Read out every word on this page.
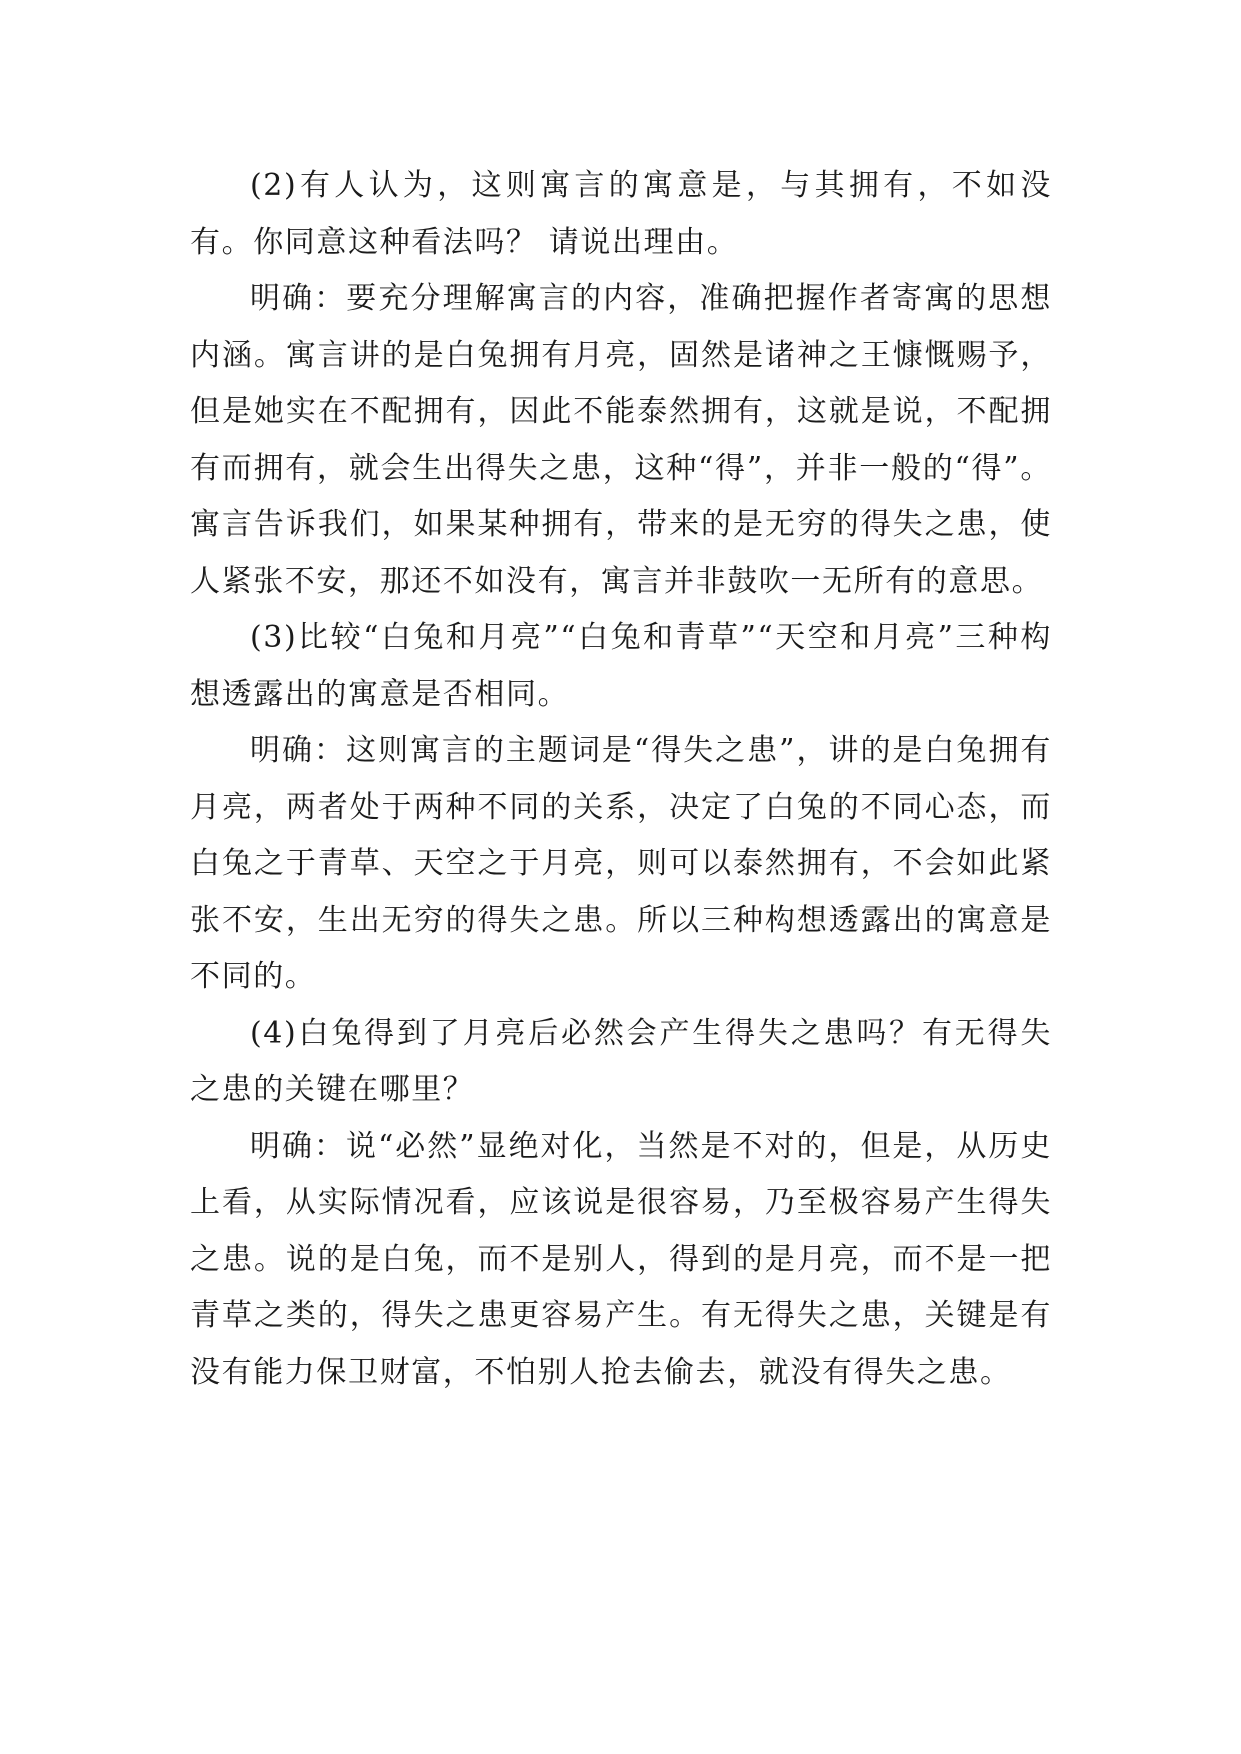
(2)有人认为，这则寓言的寓意是，与其拥有，不如没有。你同意这种看法吗？ 请说出理由。

明确：要充分理解寓言的内容，准确把握作者寄寓的思想内涵。寓言讲的是白兔拥有月亮，固然是诸神之王慷慨赐予，但是她实在不配拥有，因此不能泰然拥有，这就是说，不配拥有而拥有，就会生出得失之患，这种“得”，并非一般的“得”。寓言告诉我们，如果某种拥有，带来的是无穷的得失之患，使人紧张不安，那还不如没有，寓言并非鼓吹一无所有的意思。

(3)比较“白兔和月亮”“白兔和青草”“天空和月亮”三种构想透露出的寓意是否相同。

明确：这则寓言的主题词是“得失之患”，讲的是白兔拥有月亮，两者处于两种不同的关系，决定了白兔的不同心态，而白兔之于青草、天空之于月亮，则可以泰然拥有，不会如此紧张不安，生出无穷的得失之患。所以三种构想透露出的寓意是不同的。

(4)白兔得到了月亮后必然会产生得失之患吗？有无得失之患的关键在哪里？

明确：说“必然”显绝对化，当然是不对的，但是，从历史上看，从实际情况看，应该说是很容易，乃至极容易产生得失之患。说的是白兔，而不是别人，得到的是月亮，而不是一把青草之类的，得失之患更容易产生。有无得失之患，关键是有没有能力保卫财富，不怕别人抢去偷去，就没有得失之患。
